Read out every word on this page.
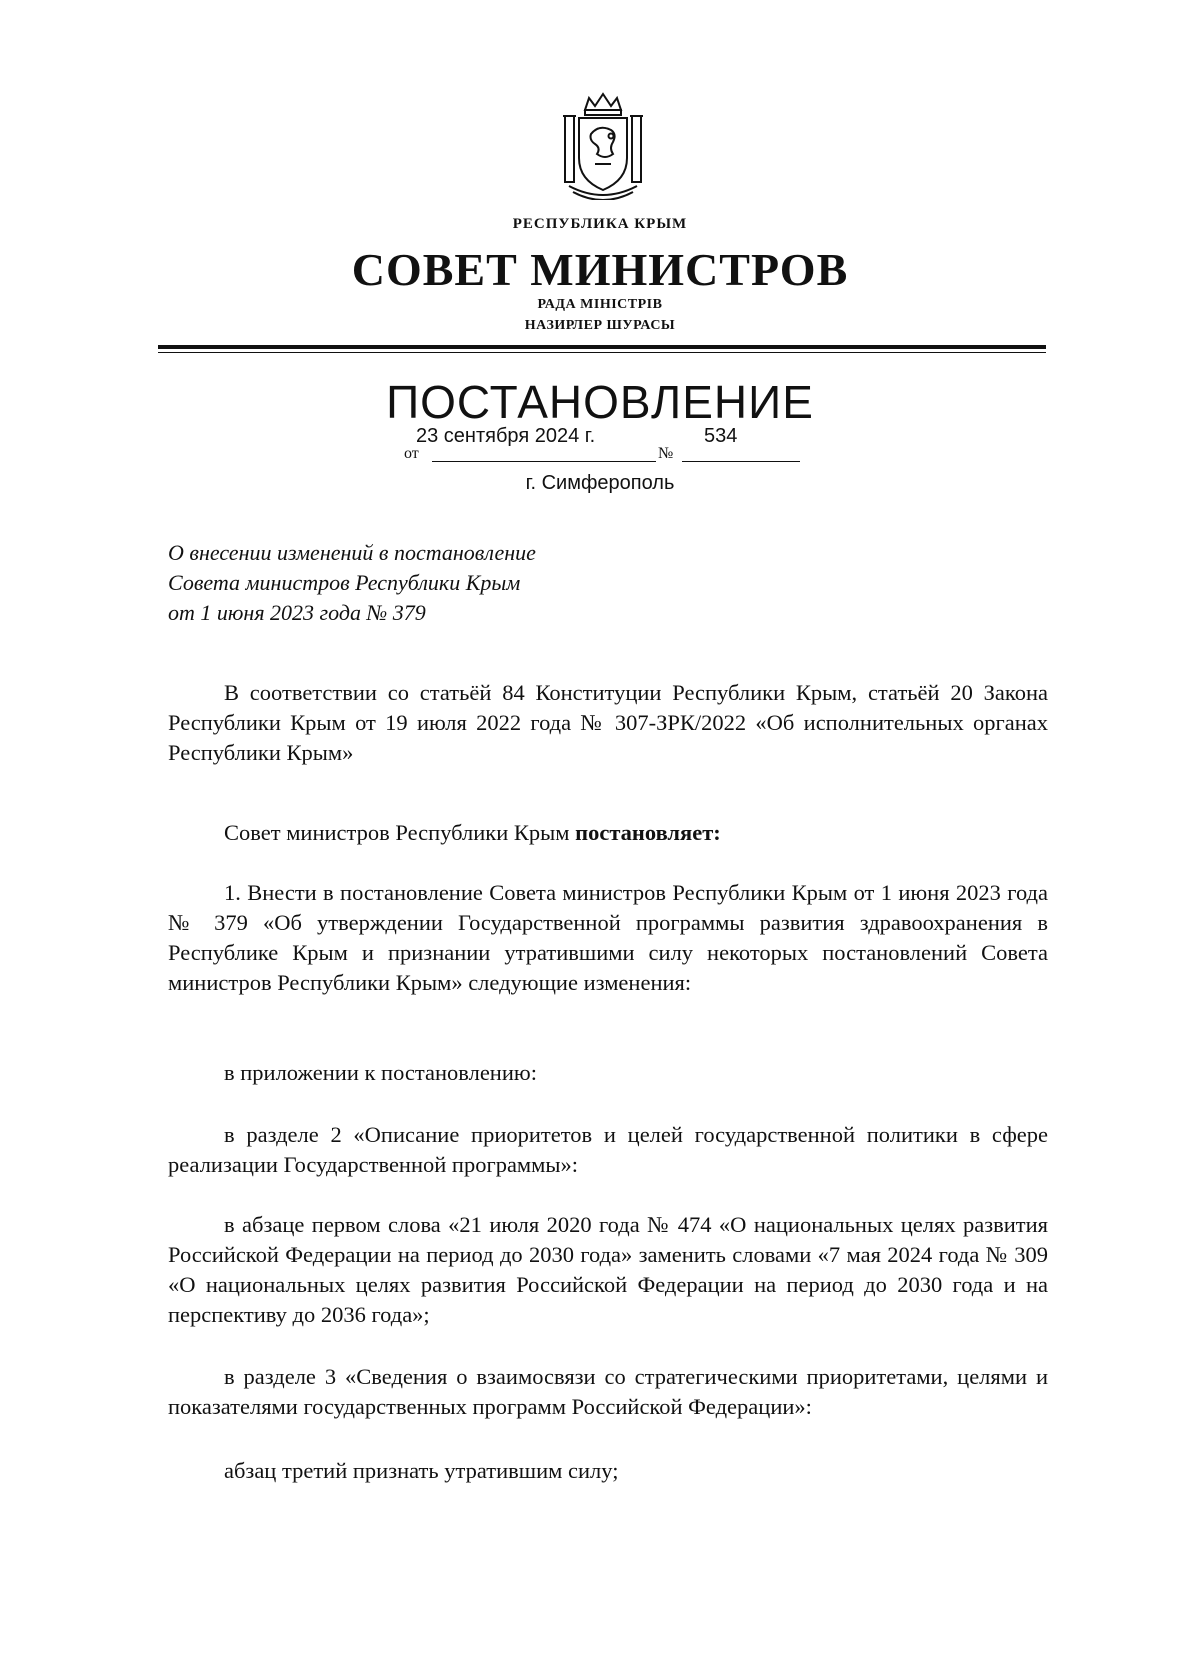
РЕСПУБЛИКА КРЫМ
СОВЕТ МИНИСТРОВ
РАДА МІНІСТРІВ
НАЗИРЛЕР ШУРАСЫ
ПОСТАНОВЛЕНИЕ
от	№
23 сентября 2024 г.	534
г. Симферополь
О внесении изменений в постановление
Совета министров Республики Крым
от 1 июня 2023 года № 379
В соответствии со статьёй 84 Конституции Республики Крым, статьёй 20 Закона Республики Крым от 19 июля 2022 года № 307-ЗРК/2022 «Об исполнительных органах Республики Крым»
Совет министров Республики Крым постановляет:
1. Внести в постановление Совета министров Республики Крым от 1 июня 2023 года № 379 «Об утверждении Государственной программы развития здравоохранения в Республике Крым и признании утратившими силу некоторых постановлений Совета министров Республики Крым» следующие изменения:
в приложении к постановлению:
в разделе 2 «Описание приоритетов и целей государственной политики в сфере реализации Государственной программы»:
в абзаце первом слова «21 июля 2020 года № 474 «О национальных целях развития Российской Федерации на период до 2030 года» заменить словами «7 мая 2024 года № 309 «О национальных целях развития Российской Федерации на период до 2030 года и на перспективу до 2036 года»;
в разделе 3 «Сведения о взаимосвязи со стратегическими приоритетами, целями и показателями государственных программ Российской Федерации»:
абзац третий признать утратившим силу;
